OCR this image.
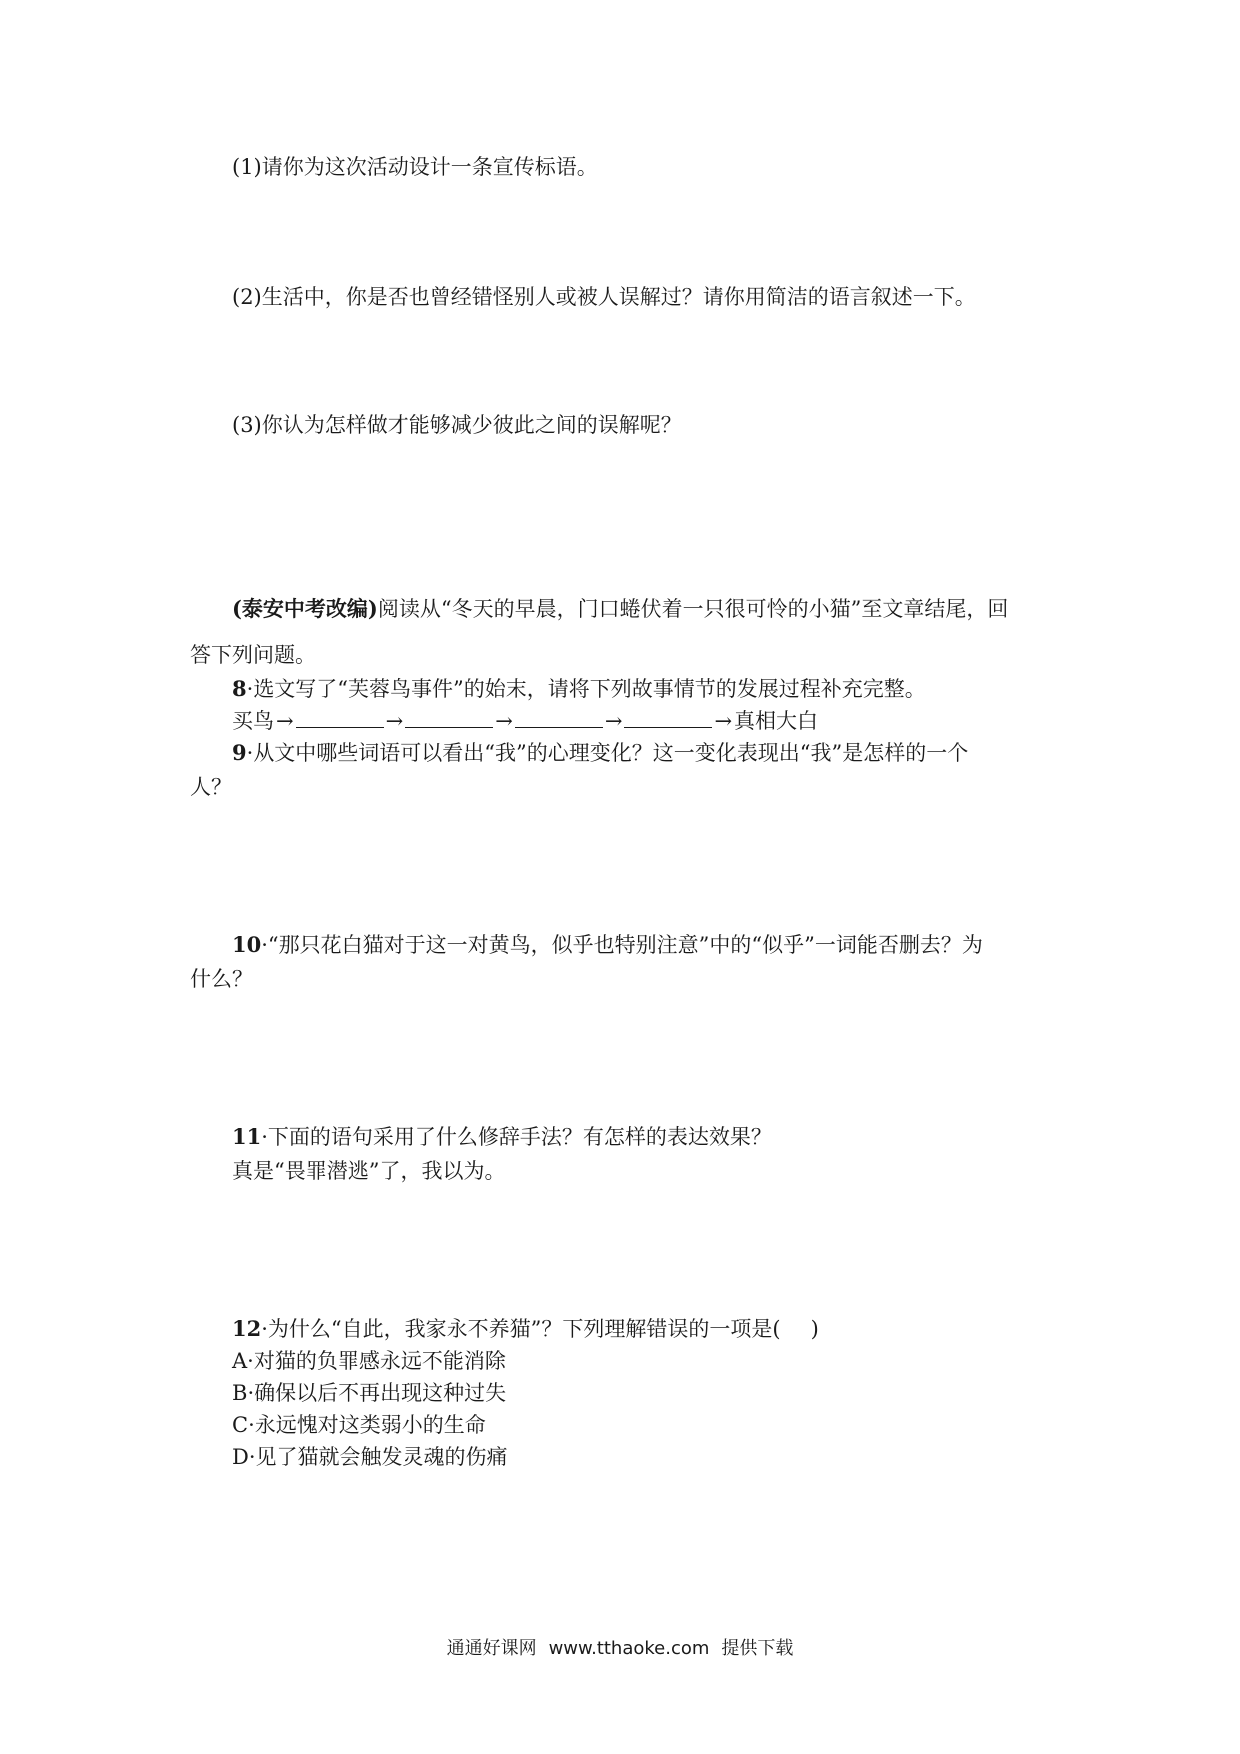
(1)请你为这次活动设计一条宣传标语。
(2)生活中，你是否也曾经错怪别人或被人误解过？请你用简洁的语言叙述一下。
(3)你认为怎样做才能够减少彼此之间的误解呢？
(泰安中考改编)阅读从“冬天的早晨，门口蜷伏着一只很可怜的小猫”至文章结尾，回
答下列问题。
8·选文写了“芙蓉鸟事件”的始末，请将下列故事情节的发展过程补充完整。
买鸟→	→	→	→	→真相大白
9·从文中哪些词语可以看出“我”的心理变化？这一变化表现出“我”是怎样的一个
人？
10·“那只花白猫对于这一对黄鸟，似乎也特别注意”中的“似乎”一词能否删去？为
什么？
11·下面的语句采用了什么修辞手法？有怎样的表达效果？
真是“畏罪潜逃”了，我以为。
12·为什么“自此，我家永不养猫”？下列理解错误的一项是( )
A·对猫的负罪感永远不能消除
B·确保以后不再出现这种过失
C·永远愧对这类弱小的生命
D·见了猫就会触发灵魂的伤痛
通通好课网 www.tthaoke.com 提供下载
